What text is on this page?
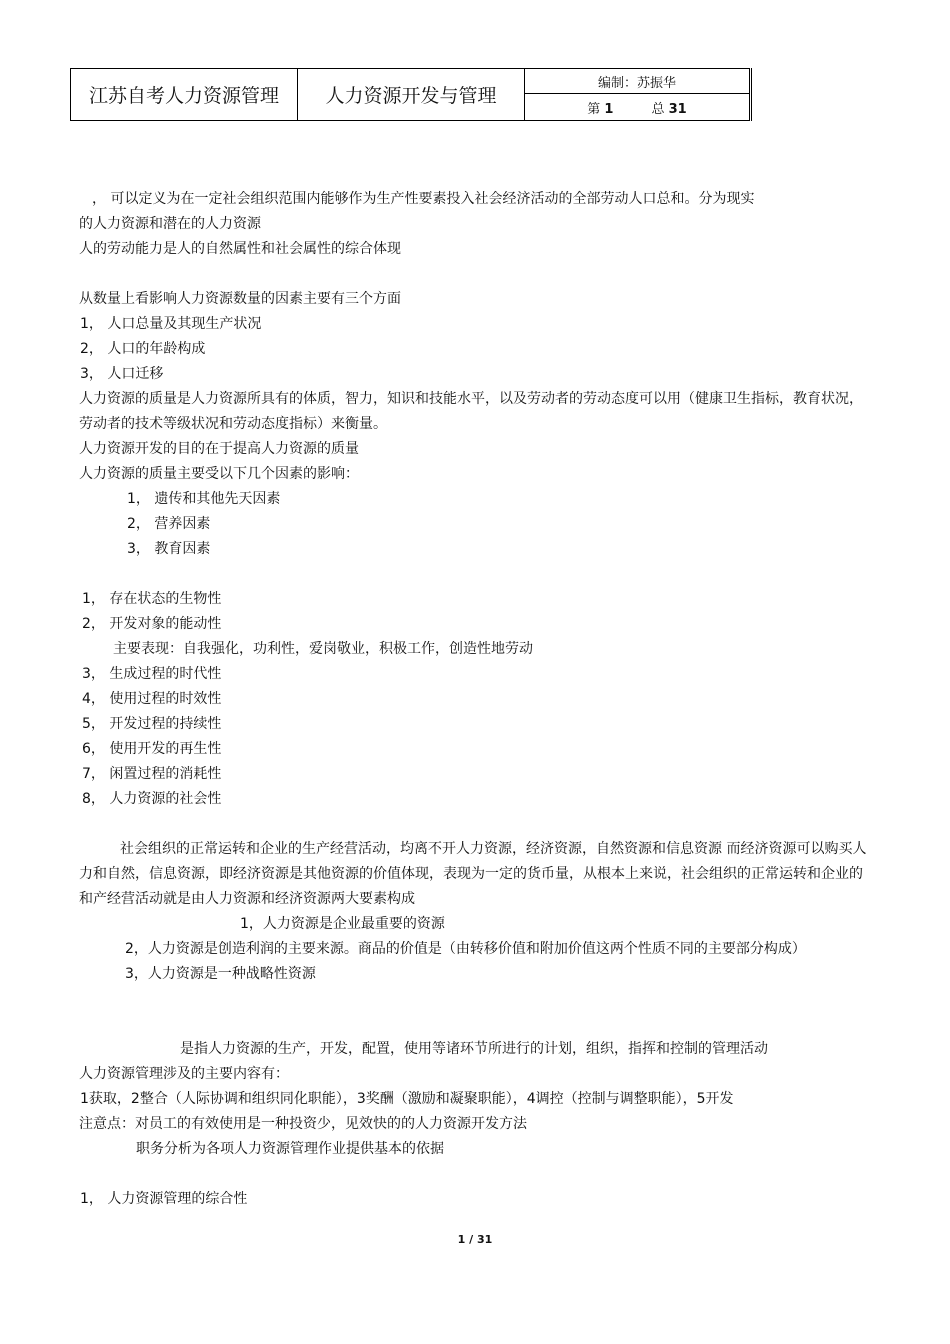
江苏自考人力资源管理	人力资源开发与管理	编制：苏振华
第 1	总 31
， 可以定义为在一定社会组织范围内能够作为生产性要素投入社会经济活动的全部劳动人口总和。分为现实
的人力资源和潜在的人力资源
人的劳动能力是人的自然属性和社会属性的综合体现
从数量上看影响人力资源数量的因素主要有三个方面
1， 人口总量及其现生产状况
2， 人口的年龄构成
3， 人口迁移
人力资源的质量是人力资源所具有的体质，智力，知识和技能水平，以及劳动者的劳动态度可以用（健康卫生指标，教育状况，
劳动者的技术等级状况和劳动态度指标）来衡量。
人力资源开发的目的在于提高人力资源的质量
人力资源的质量主要受以下几个因素的影响：
1， 遗传和其他先天因素
2， 营养因素
3， 教育因素
1， 存在状态的生物性
2， 开发对象的能动性
主要表现：自我强化，功利性，爱岗敬业，积极工作，创造性地劳动
3， 生成过程的时代性
4， 使用过程的时效性
5， 开发过程的持续性
6， 使用开发的再生性
7， 闲置过程的消耗性
8， 人力资源的社会性
社会组织的正常运转和企业的生产经营活动，均离不开人力资源，经济资源，自然资源和信息资源 而经济资源可以购买人
力和自然，信息资源，即经济资源是其他资源的价值体现，表现为一定的货币量，从根本上来说，社会组织的正常运转和企业的
和产经营活动就是由人力资源和经济资源两大要素构成
1，人力资源是企业最重要的资源
2，人力资源是创造利润的主要来源。商品的价值是（由转移价值和附加价值这两个性质不同的主要部分构成）
3，人力资源是一种战略性资源
是指人力资源的生产，开发，配置，使用等诸环节所进行的计划，组织，指挥和控制的管理活动
人力资源管理涉及的主要内容有：
1获取，2整合（人际协调和组织同化职能），3奖酬（激励和凝聚职能），4调控（控制与调整职能），5开发
注意点：对员工的有效使用是一种投资少，见效快的的人力资源开发方法
职务分析为各项人力资源管理作业提供基本的依据
1， 人力资源管理的综合性
1 / 31
